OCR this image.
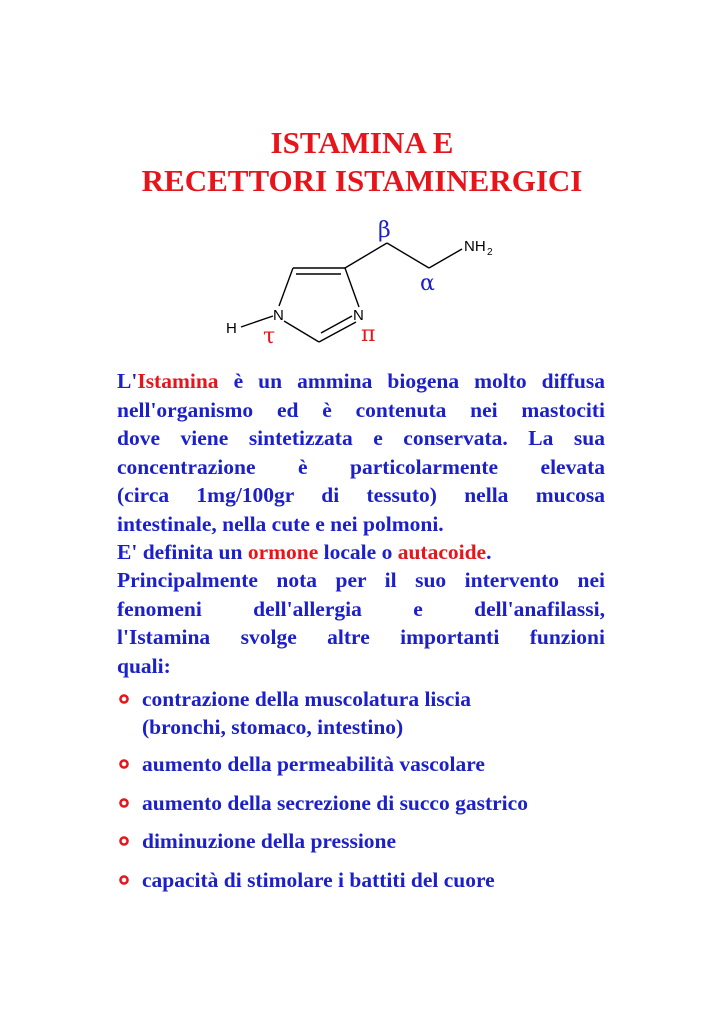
ISTAMINA E
RECETTORI ISTAMINERGICI
N	N
H
NH 2
β
α
τ	π
L'Istamina è un ammina biogena molto diffusa
nell'organismo ed è contenuta nei mastociti
dove viene sintetizzata e conservata. La sua
concentrazione è particolarmente elevata
(circa 1mg/100gr di tessuto) nella mucosa
intestinale, nella cute e nei polmoni.
E' definita un ormone locale o autacoide.
Principalmente nota per il suo intervento nei
fenomeni dell'allergia e dell'anafilassi,
l'Istamina svolge altre importanti funzioni
quali:
contrazione della muscolatura liscia
(bronchi, stomaco, intestino)
aumento della permeabilità vascolare
aumento della secrezione di succo gastrico
diminuzione della pressione
capacità di stimolare i battiti del cuore
